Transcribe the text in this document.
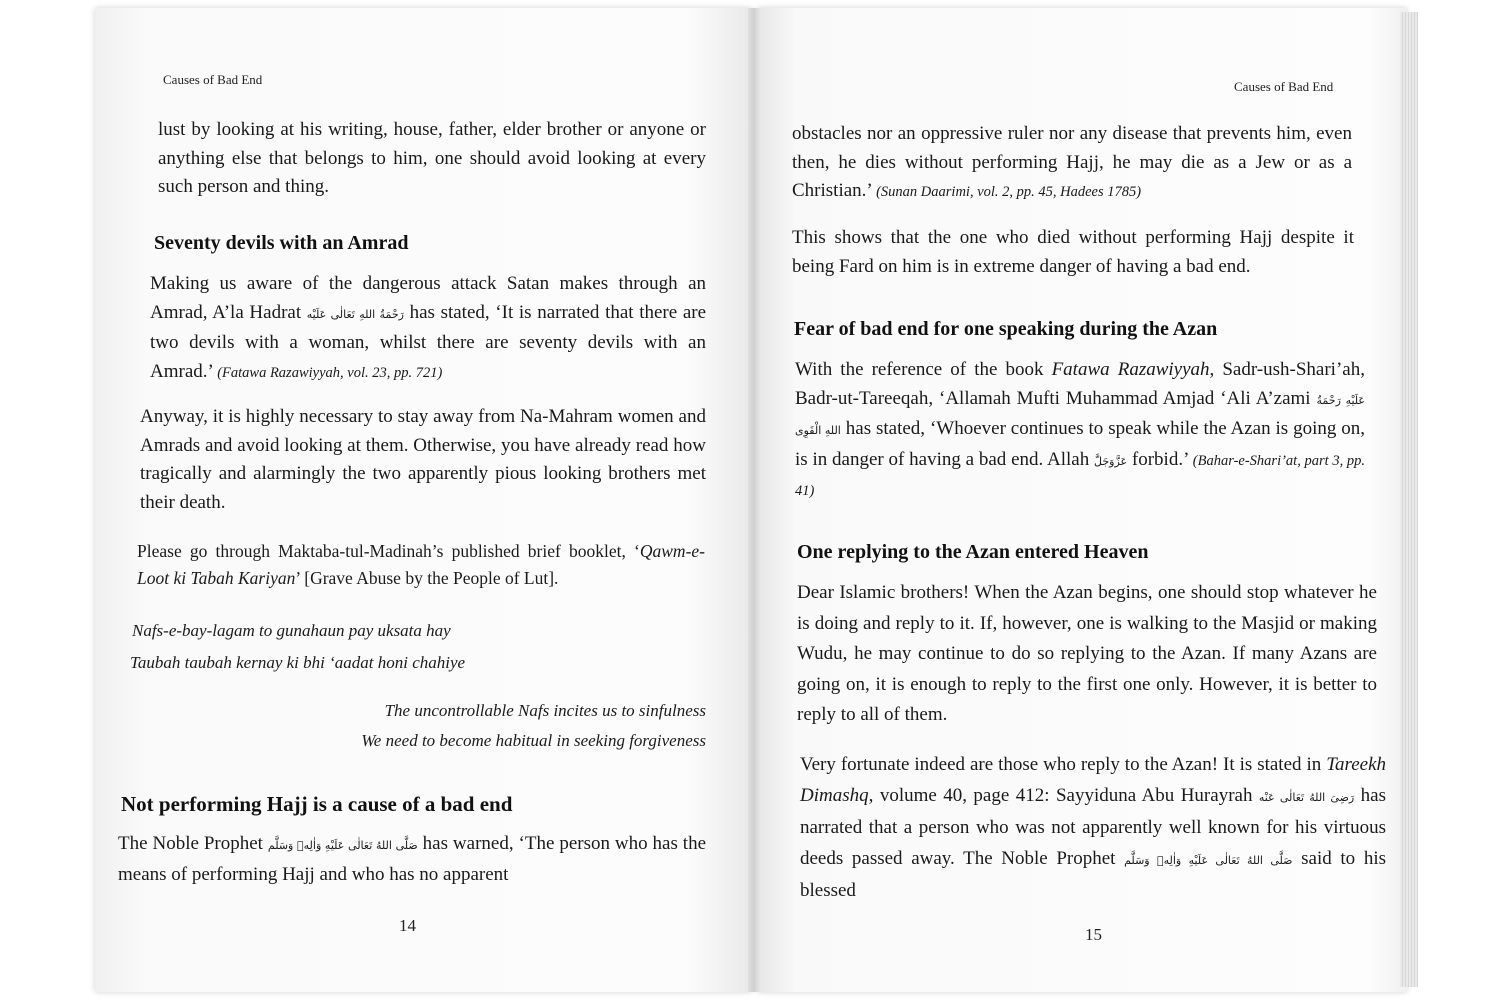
Causes of Bad End
lust by looking at his writing, house, father, elder brother or anyone or anything else that belongs to him, one should avoid looking at every such person and thing.
Seventy devils with an Amrad
Making us aware of the dangerous attack Satan makes through an Amrad, A’la Hadrat رَحْمَةُ اللهِ تَعَالٰی عَلَیْه has stated, ‘It is narrated that there are two devils with a woman, whilst there are seventy devils with an Amrad.’ (Fatawa Razawiyyah, vol. 23, pp. 721)
Anyway, it is highly necessary to stay away from Na-Mahram women and Amrads and avoid looking at them. Otherwise, you have already read how tragically and alarmingly the two apparently pious looking brothers met their death.
Please go through Maktaba-tul-Madinah’s published brief booklet, ‘Qawm-e-Loot ki Tabah Kariyan’ [Grave Abuse by the People of Lut].
Nafs-e-bay-lagam to gunahaun pay uksata hay
Taubah taubah kernay ki bhi ‘aadat honi chahiye
The uncontrollable Nafs incites us to sinfulness
We need to become habitual in seeking forgiveness
Not performing Hajj is a cause of a bad end
The Noble Prophet صَلَّی اللهُ تَعَالٰی عَلَیْهِ وَاٰلِهٖ وَسَلَّم has warned, ‘The person who has the means of performing Hajj and who has no apparent
14
Causes of Bad End
obstacles nor an oppressive ruler nor any disease that prevents him, even then, he dies without performing Hajj, he may die as a Jew or as a Christian.’ (Sunan Daarimi, vol. 2, pp. 45, Hadees 1785)
This shows that the one who died without performing Hajj despite it being Fard on him is in extreme danger of having a bad end.
Fear of bad end for one speaking during the Azan
With the reference of the book Fatawa Razawiyyah, Sadr-ush-Shari’ah, Badr-ut-Tareeqah, ‘Allamah Mufti Muhammad Amjad ‘Ali A’zami عَلَیْهِ رَحْمَةُ اللهِ الْقَوِی has stated, ‘Whoever continues to speak while the Azan is going on, is in danger of having a bad end. Allah عَزَّوَجَلَّ forbid.’ (Bahar-e-Shari’at, part 3, pp. 41)
One replying to the Azan entered Heaven
Dear Islamic brothers! When the Azan begins, one should stop whatever he is doing and reply to it. If, however, one is walking to the Masjid or making Wudu, he may continue to do so replying to the Azan. If many Azans are going on, it is enough to reply to the first one only. However, it is better to reply to all of them.
Very fortunate indeed are those who reply to the Azan! It is stated in Tareekh Dimashq, volume 40, page 412: Sayyiduna Abu Hurayrah رَضِیَ اللهُ تَعَالٰی عَنْه has narrated that a person who was not apparently well known for his virtuous deeds passed away. The Noble Prophet صَلَّی اللهُ تَعَالٰی عَلَیْهِ وَاٰلِهٖ وَسَلَّم said to his blessed
15
